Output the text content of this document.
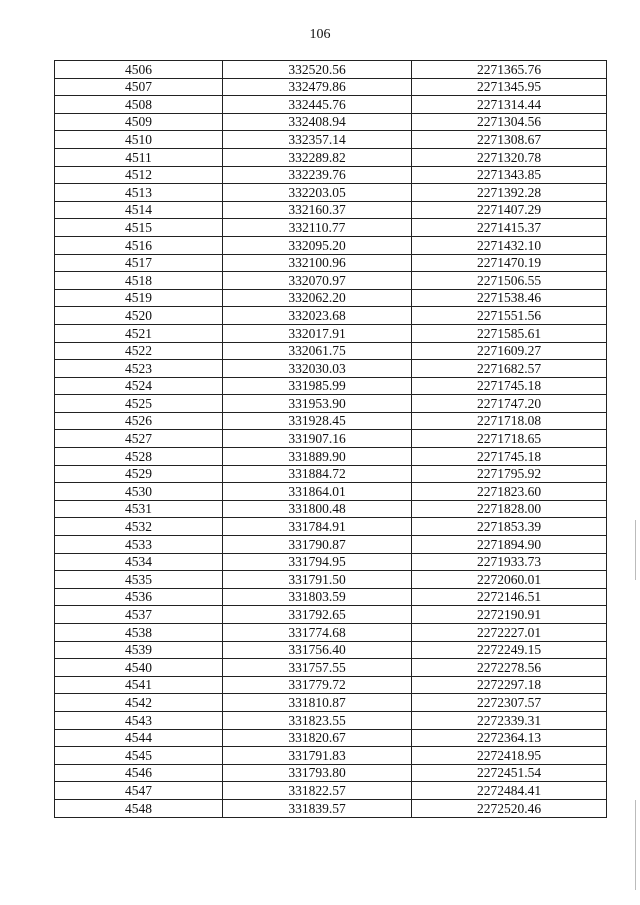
106
4506	332520.56	2271365.76
4507	332479.86	2271345.95
4508	332445.76	2271314.44
4509	332408.94	2271304.56
4510	332357.14	2271308.67
4511	332289.82	2271320.78
4512	332239.76	2271343.85
4513	332203.05	2271392.28
4514	332160.37	2271407.29
4515	332110.77	2271415.37
4516	332095.20	2271432.10
4517	332100.96	2271470.19
4518	332070.97	2271506.55
4519	332062.20	2271538.46
4520	332023.68	2271551.56
4521	332017.91	2271585.61
4522	332061.75	2271609.27
4523	332030.03	2271682.57
4524	331985.99	2271745.18
4525	331953.90	2271747.20
4526	331928.45	2271718.08
4527	331907.16	2271718.65
4528	331889.90	2271745.18
4529	331884.72	2271795.92
4530	331864.01	2271823.60
4531	331800.48	2271828.00
4532	331784.91	2271853.39
4533	331790.87	2271894.90
4534	331794.95	2271933.73
4535	331791.50	2272060.01
4536	331803.59	2272146.51
4537	331792.65	2272190.91
4538	331774.68	2272227.01
4539	331756.40	2272249.15
4540	331757.55	2272278.56
4541	331779.72	2272297.18
4542	331810.87	2272307.57
4543	331823.55	2272339.31
4544	331820.67	2272364.13
4545	331791.83	2272418.95
4546	331793.80	2272451.54
4547	331822.57	2272484.41
4548	331839.57	2272520.46
